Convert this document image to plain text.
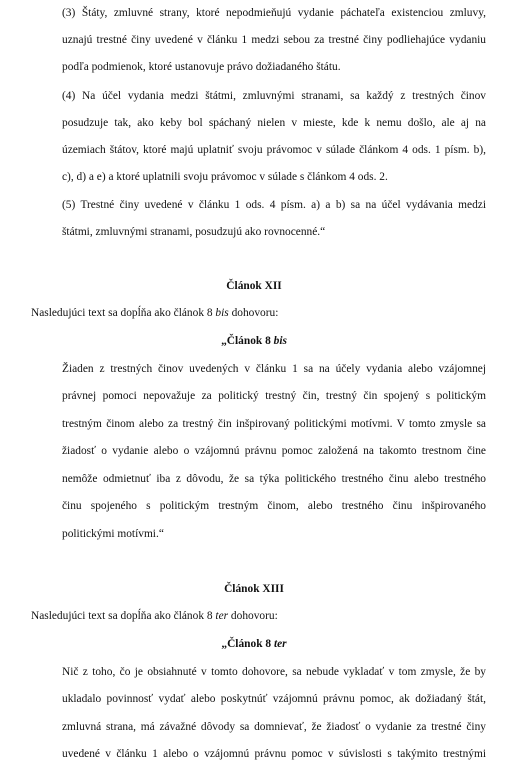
(3) Štáty, zmluvné strany, ktoré nepodmieňujú vydanie páchateľa existenciou zmluvy,
uznajú trestné činy uvedené v článku 1 medzi sebou za trestné činy podliehajúce vydaniu
podľa podmienok, ktoré ustanovuje právo dožiadaného štátu.
(4) Na účel vydania medzi štátmi, zmluvnými stranami, sa každý z trestných činov
posudzuje tak, ako keby bol spáchaný nielen v mieste, kde k nemu došlo, ale aj na
územiach štátov, ktoré majú uplatniť svoju právomoc v súlade článkom 4 ods. 1 písm. b),
c), d) a e) a ktoré uplatnili svoju právomoc v súlade s článkom 4 ods. 2.
(5) Trestné činy uvedené v článku 1 ods. 4 písm. a) a b) sa na účel vydávania medzi
štátmi, zmluvnými stranami, posudzujú ako rovnocenné.“
Článok XII
Nasledujúci text sa dopĺňa ako článok 8 bis dohovoru:
„Článok 8 bis
Žiaden z trestných činov uvedených v článku 1 sa na účely vydania alebo vzájomnej
právnej pomoci nepovažuje za politický trestný čin, trestný čin spojený s politickým
trestným činom alebo za trestný čin inšpirovaný politickými motívmi. V tomto zmysle sa
žiadosť o vydanie alebo o vzájomnú právnu pomoc založená na takomto trestnom čine
nemôže odmietnuť iba z dôvodu, že sa týka politického trestného činu alebo trestného
činu spojeného s politickým trestným činom, alebo trestného činu inšpirovaného
politickými motívmi.“
Článok XIII
Nasledujúci text sa dopĺňa ako článok 8 ter dohovoru:
„Článok 8 ter
Nič z toho, čo je obsiahnuté v tomto dohovore, sa nebude vykladať v tom zmysle, že by
ukladalo povinnosť vydať alebo poskytnúť vzájomnú právnu pomoc, ak dožiadaný štát,
zmluvná strana, má závažné dôvody sa domnievať, že žiadosť o vydanie za trestné činy
uvedené v článku 1 alebo o vzájomnú právnu pomoc v súvislosti s takýmito trestnými
